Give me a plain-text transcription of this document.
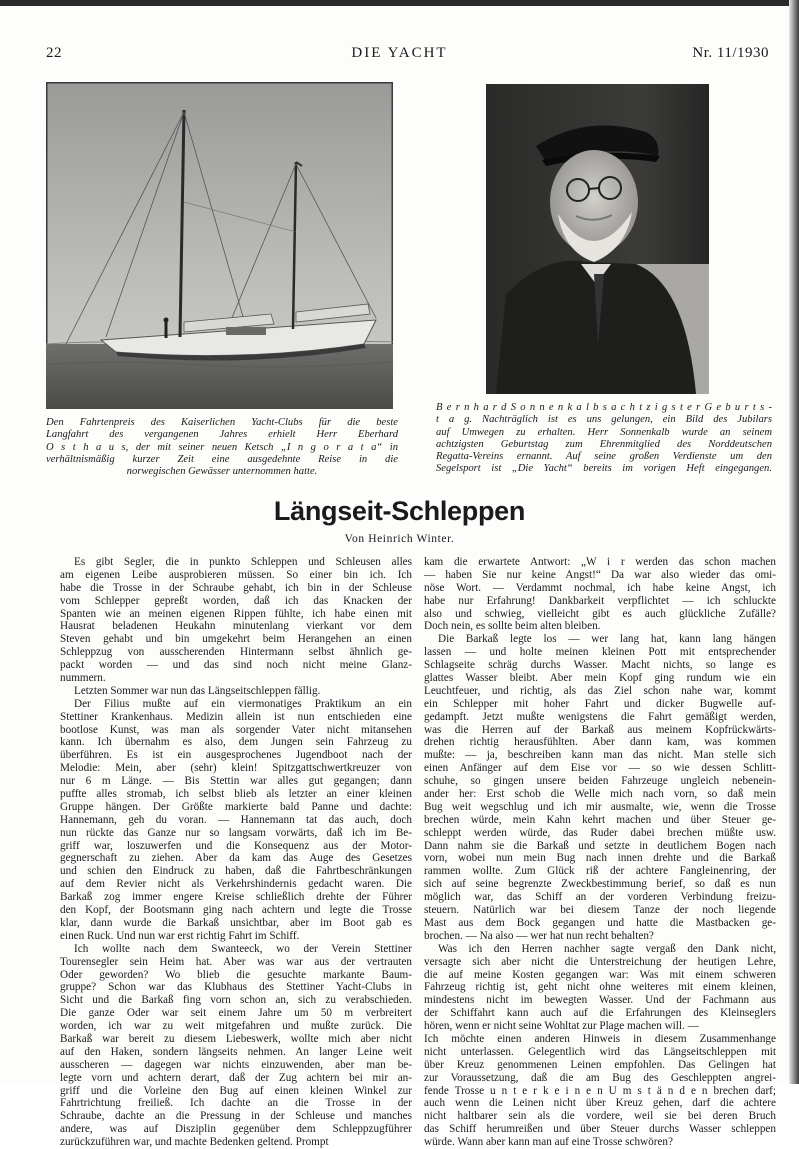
DIE YACHT
22	Nr. 11/1930
Den Fahrtenpreis des Kaiserlichen Yacht-Clubs für die beste
Langfahrt des vergangenen Jahres erhielt Herr Eberhard
O s t h a u s, der mit seiner neuen Ketsch „I n g o r a t a“ in
verhältnismäßig kurzer Zeit eine ausgedehnte Reise in die
norwegischen Gewässer unternommen hatte.
B e r n h a r d S o n n e n k a l b s a c h t z i g s t e r G e b u r t s -
t a g. Nachträglich ist es uns gelungen, ein Bild des Jubilars
auf Umwegen zu erhalten. Herr Sonnenkalb wurde an seinem
achtzigsten Geburtstag zum Ehrenmitglied des Norddeutschen
Regatta-Vereins ernannt. Auf seine großen Verdienste um den
Segelsport ist „Die Yacht“ bereits im vorigen Heft eingegangen.
Längseit-Schleppen
Von Heinrich Winter.
Es gibt Segler, die in punkto Schleppen und Schleusen alles
am eigenen Leibe ausprobieren müssen. So einer bin ich. Ich
habe die Trosse in der Schraube gehabt, ich bin in der Schleuse
vom Schlepper gepreßt worden, daß ich das Knacken der
Spanten wie an meinen eigenen Rippen fühlte, ich habe einen mit
Hausrat beladenen Heukahn minutenlang vierkant vor dem
Steven gehabt und bin umgekehrt beim Herangehen an einen
Schleppzug von ausscherenden Hintermann selbst ähnlich ge-
packt worden — und das sind noch nicht meine Glanz-
nummern.
Letzten Sommer war nun das Längseitschleppen fällig.
Der Filius mußte auf ein viermonatiges Praktikum an ein
Stettiner Krankenhaus. Medizin allein ist nun entschieden eine
bootlose Kunst, was man als sorgender Vater nicht mitansehen
kann. Ich übernahm es also, dem Jungen sein Fahrzeug zu
überführen. Es ist ein ausgesprochenes Jugendboot nach der
Melodie: Mein, aber (sehr) klein! Spitzgattschwertkreuzer von
nur 6 m Länge. — Bis Stettin war alles gut gegangen; dann
puffte alles stromab, ich selbst blieb als letzter an einer kleinen
Gruppe hängen. Der Größte markierte bald Panne und dachte:
Hannemann, geh du voran. — Hannemann tat das auch, doch
nun rückte das Ganze nur so langsam vorwärts, daß ich im Be-
griff war, loszuwerfen und die Konsequenz aus der Motor-
gegnerschaft zu ziehen. Aber da kam das Auge des Gesetzes
und schien den Eindruck zu haben, daß die Fahrtbeschränkungen
auf dem Revier nicht als Verkehrshindernis gedacht waren. Die
Barkaß zog immer engere Kreise schließlich drehte der Führer
den Kopf, der Bootsmann ging nach achtern und legte die Trosse
klar, dann wurde die Barkaß unsichtbar, aber im Boot gab es
einen Ruck. Und nun war erst richtig Fahrt im Schiff.
Ich wollte nach dem Swanteeck, wo der Verein Stettiner
Tourensegler sein Heim hat. Aber was war aus der vertrauten
Oder geworden? Wo blieb die gesuchte markante Baum-
gruppe? Schon war das Klubhaus des Stettiner Yacht-Clubs in
Sicht und die Barkaß fing vorn schon an, sich zu verabschieden.
Die ganze Oder war seit einem Jahre um 50 m verbreitert
worden, ich war zu weit mitgefahren und mußte zurück. Die
Barkaß war bereit zu diesem Liebeswerk, wollte mich aber nicht
auf den Haken, sondern längseits nehmen. An langer Leine weit
ausscheren — dagegen war nichts einzuwenden, aber man be-
legte vorn und achtern derart, daß der Zug achtern bei mir an-
griff und die Vorleine den Bug auf einen kleinen Winkel zur
Fahrtrichtung freiließ. Ich dachte an die Trosse in der
Schraube, dachte an die Pressung in der Schleuse und manches
andere, was auf Disziplin gegenüber dem Schleppzugführer
zurückzuführen war, und machte Bedenken geltend. Prompt
kam die erwartete Antwort: „W i r werden das schon machen
— haben Sie nur keine Angst!“ Da war also wieder das omi-
nöse Wort. — Verdammt nochmal, ich habe keine Angst, ich
habe nur Erfahrung! Dankbarkeit verpflichtet — ich schluckte
also und schwieg, vielleicht gibt es auch glückliche Zufälle?
Doch nein, es sollte beim alten bleiben.
Die Barkaß legte los — wer lang hat, kann lang hängen
lassen — und holte meinen kleinen Pott mit entsprechender
Schlagseite schräg durchs Wasser. Macht nichts, so lange es
glattes Wasser bleibt. Aber mein Kopf ging rundum wie ein
Leuchtfeuer, und richtig, als das Ziel schon nahe war, kommt
ein Schlepper mit hoher Fahrt und dicker Bugwelle auf-
gedampft. Jetzt mußte wenigstens die Fahrt gemäßigt werden,
was die Herren auf der Barkaß aus meinem Kopfrückwärts-
drehen richtig herausfühlten. Aber dann kam, was kommen
mußte: — ja, beschreiben kann man das nicht. Man stelle sich
einen Anfänger auf dem Eise vor — so wie dessen Schlitt-
schuhe, so gingen unsere beiden Fahrzeuge ungleich nebenein-
ander her: Erst schob die Welle mich nach vorn, so daß mein
Bug weit wegschlug und ich mir ausmalte, wie, wenn die Trosse
brechen würde, mein Kahn kehrt machen und über Steuer ge-
schleppt werden würde, das Ruder dabei brechen müßte usw.
Dann nahm sie die Barkaß und setzte in deutlichem Bogen nach
vorn, wobei nun mein Bug nach innen drehte und die Barkaß
rammen wollte. Zum Glück riß der achtere Fangleinenring, der
sich auf seine begrenzte Zweckbestimmung berief, so daß es nun
möglich war, das Schiff an der vorderen Verbindung freizu-
steuern. Natürlich war bei diesem Tanze der noch liegende
Mast aus dem Bock gegangen und hatte die Mastbacken ge-
brochen. — Na also — wer hat nun recht behalten?
Was ich den Herren nachher sagte vergaß den Dank nicht,
versagte sich aber nicht die Unterstreichung der heutigen Lehre,
die auf meine Kosten gegangen war: Was mit einem schweren
Fahrzeug richtig ist, geht nicht ohne weiteres mit einem kleinen,
mindestens nicht im bewegten Wasser. Und der Fachmann aus
der Schiffahrt kann auch auf die Erfahrungen des Kleinseglers
hören, wenn er nicht seine Wohltat zur Plage machen will. —
Ich möchte einen anderen Hinweis in diesem Zusammenhange
nicht unterlassen. Gelegentlich wird das Längseitschleppen mit
über Kreuz genommenen Leinen empfohlen. Das Gelingen hat
zur Voraussetzung, daß die am Bug des Geschleppten angrei-
fende Trosse u n t e r k e i n e n U m s t ä n d e n brechen darf;
auch wenn die Leinen nicht über Kreuz gehen, darf die achtere
nicht haltbarer sein als die vordere, weil sie bei deren Bruch
das Schiff herumreißen und über Steuer durchs Wasser schleppen
würde. Wann aber kann man auf eine Trosse schwören?
